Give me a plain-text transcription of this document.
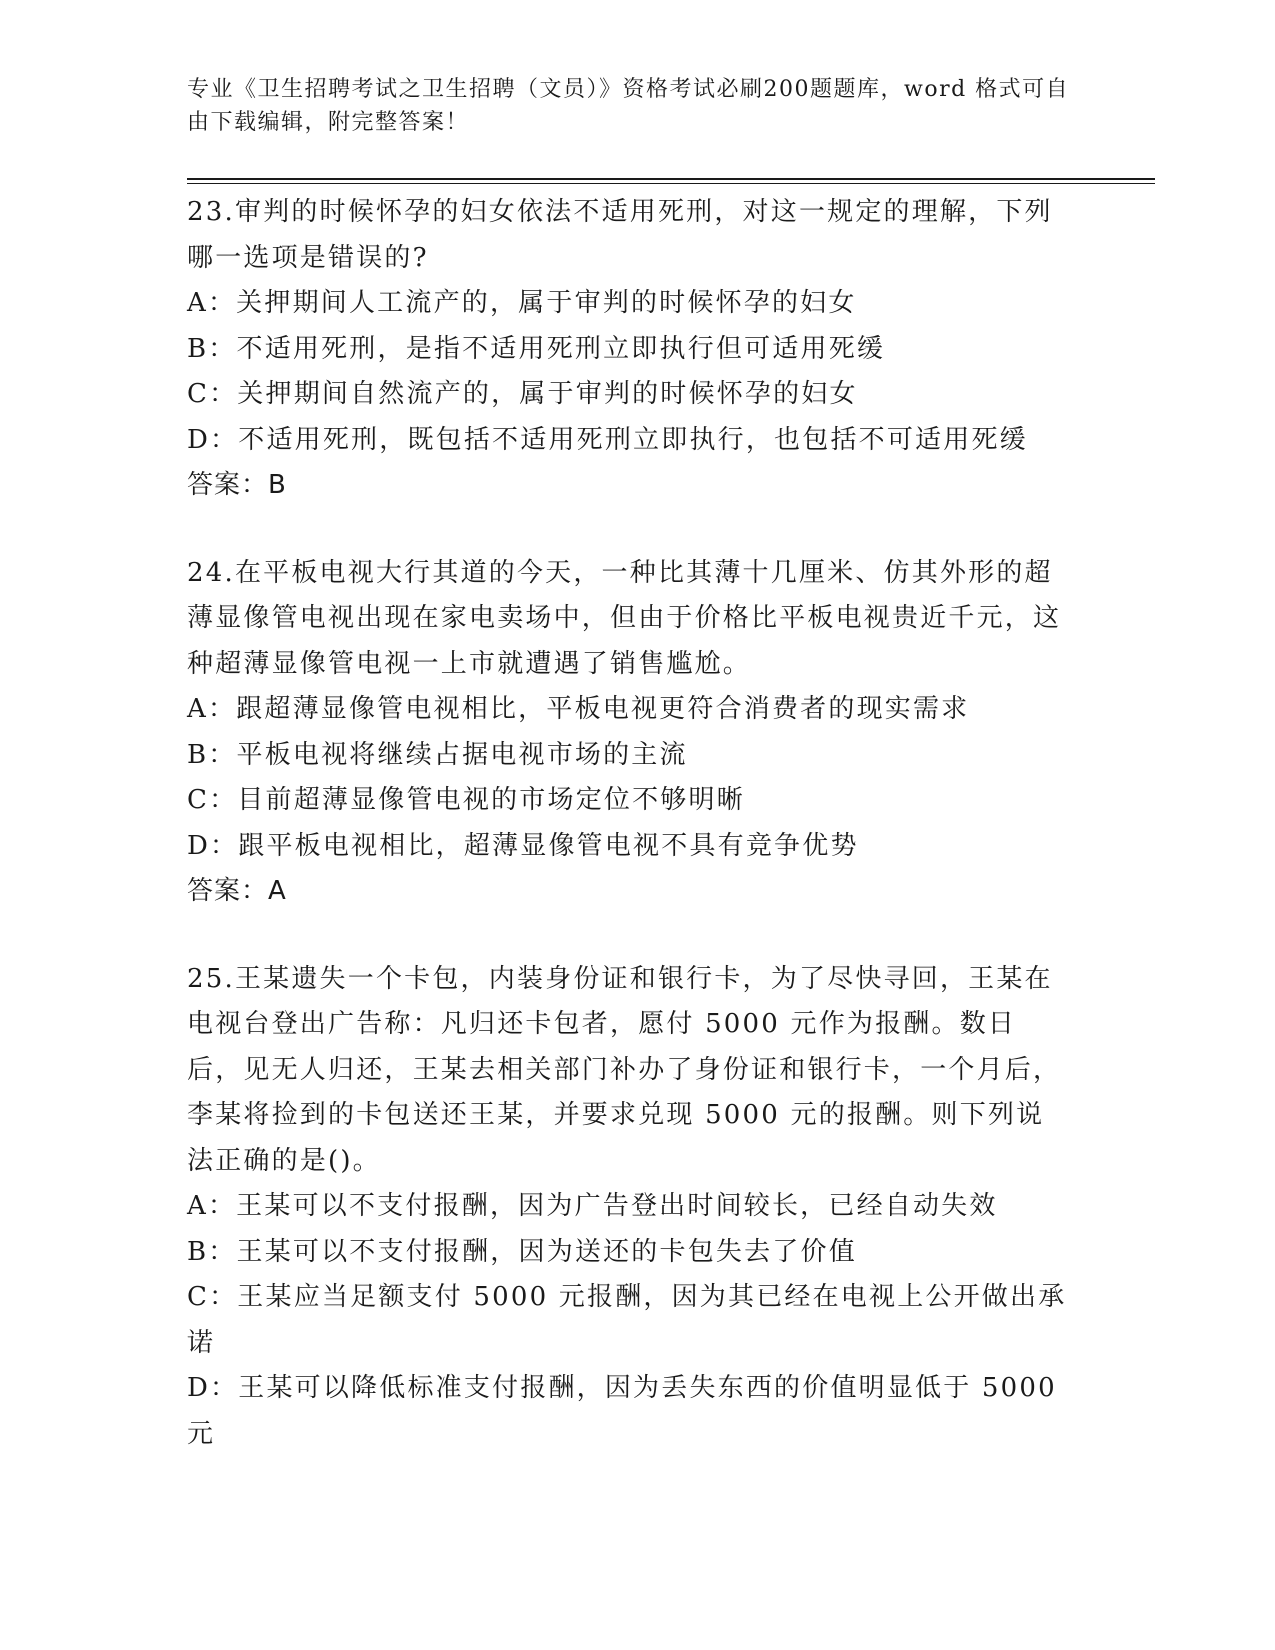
专业《卫生招聘考试之卫生招聘（文员）》资格考试必刷200题题库，word 格式可自由下载编辑，附完整答案！
23.审判的时候怀孕的妇女依法不适用死刑，对这一规定的理解，下列哪一选项是错误的?
A：关押期间人工流产的，属于审判的时候怀孕的妇女
B：不适用死刑，是指不适用死刑立即执行但可适用死缓
C：关押期间自然流产的，属于审判的时候怀孕的妇女
D：不适用死刑，既包括不适用死刑立即执行，也包括不可适用死缓
答案：B
24.在平板电视大行其道的今天，一种比其薄十几厘米、仿其外形的超薄显像管电视出现在家电卖场中，但由于价格比平板电视贵近千元，这种超薄显像管电视一上市就遭遇了销售尴尬。
A：跟超薄显像管电视相比，平板电视更符合消费者的现实需求
B：平板电视将继续占据电视市场的主流
C：目前超薄显像管电视的市场定位不够明晰
D：跟平板电视相比，超薄显像管电视不具有竞争优势
答案：A
25.王某遗失一个卡包，内装身份证和银行卡，为了尽快寻回，王某在电视台登出广告称：凡归还卡包者，愿付 5000 元作为报酬。数日后，见无人归还，王某去相关部门补办了身份证和银行卡，一个月后，李某将捡到的卡包送还王某，并要求兑现 5000 元的报酬。则下列说法正确的是()。
A：王某可以不支付报酬，因为广告登出时间较长，已经自动失效
B：王某可以不支付报酬，因为送还的卡包失去了价值
C：王某应当足额支付 5000 元报酬，因为其已经在电视上公开做出承诺
D：王某可以降低标准支付报酬，因为丢失东西的价值明显低于 5000 元
